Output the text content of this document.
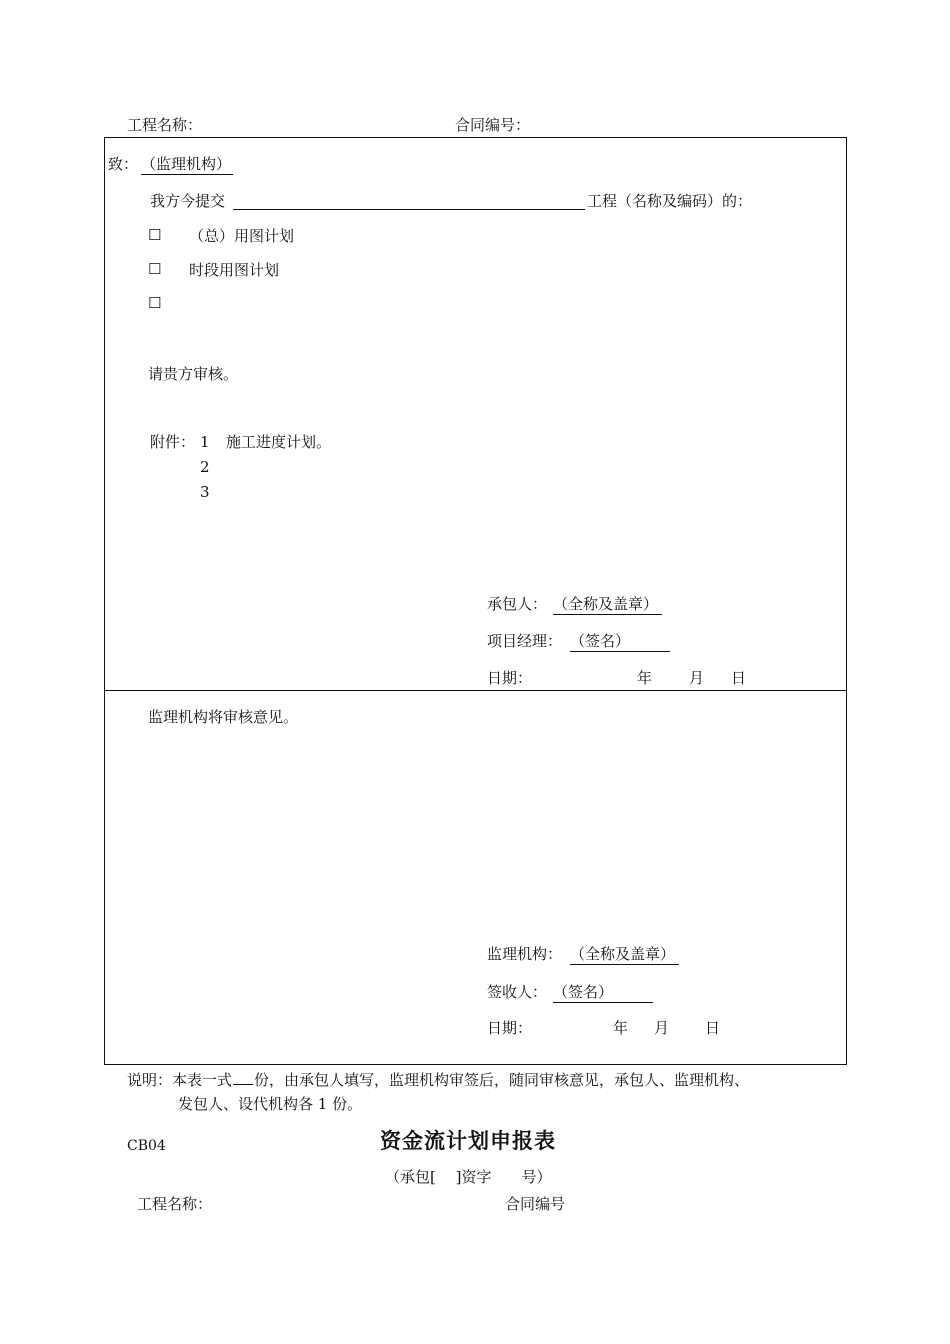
工程名称：	合同编号：
致： （监理机构）
我方今提交	工程（名称及编码）的：
☐ （总）用图计划
☐ 时段用图计划
☐
请贵方审核。
附件： 1 施工进度计划。
2
3
承包人： （全称及盖章）
项目经理： （签名）
日期：	年 月 日
监理机构将审核意见。
监理机构： （全称及盖章）
签收人： （签名）
日期：	年 月 日
说明：本表一式 份，由承包人填写，监理机构审签后，随同审核意见，承包人、监理机构、
发包人、设代机构各 1 份。
CB04	资金流计划申报表
（承包[　 ]资字　　号）
工程名称：	合同编号
